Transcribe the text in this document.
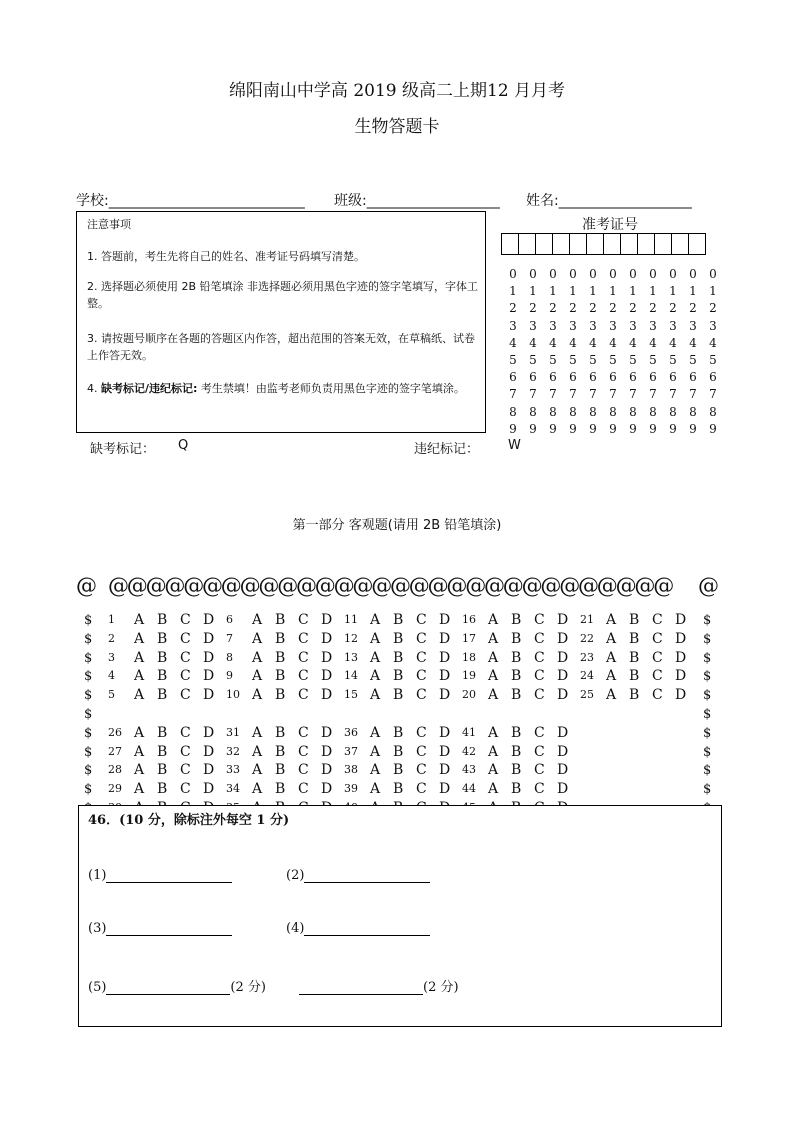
绵阳南山中学高 2019 级高二上期12 月月考
生物答题卡
学校:____________________________ 班级:___________________ 姓名:___________________
注意事项
1. 答题前，考生先将自己的姓名、准考证号码填写清楚。
2. 选择题必须使用 2B 铅笔填涂 非选择题必须用黑色字迹的签字笔填写，字体工整。
3. 请按题号顺序在各题的答题区内作答，超出范围的答案无效，在草稿纸、试卷上作答无效。
4. 缺考标记/违纪标记: 考生禁填！由监考老师负责用黑色字迹的签字笔填涂。
准考证号
0	0	0	0	0	0	0	0	0	0	0
1	1	1	1	1	1	1	1	1	1	1
2	2	2	2	2	2	2	2	2	2	2
3	3	3	3	3	3	3	3	3	3	3
4	4	4	4	4	4	4	4	4	4	4
5	5	5	5	5	5	5	5	5	5	5
6	6	6	6	6	6	6	6	6	6	6
7	7	7	7	7	7	7	7	7	7	7
8	8	8	8	8	8	8	8	8	8	8
9	9	9	9	9	9	9	9	9	9	9
缺考标记： Q	违纪标记： W
第一部分 客观题(请用 2B 铅笔填涂)
@ @@@@@@@@@@@@@@@@@@@@@@@@@@@@@@ @
$
$
$
$
$
$
$
$
$
$
$
$
$
$
$
$
$
$
$
$
1 A B C D 6 A B C D 11 A B C D 16 A B C D 21 A B C D
2 A B C D 7 A B C D 12 A B C D 17 A B C D 22 A B C D
3 A B C D 8 A B C D 13 A B C D 18 A B C D 23 A B C D
4 A B C D 9 A B C D 14 A B C D 19 A B C D 24 A B C D
5 A B C D 10 A B C D 15 A B C D 20 A B C D 25 A B C D
26 A B C D 31 A B C D 36 A B C D 41 A B C D
27 A B C D 32 A B C D 37 A B C D 42 A B C D
28 A B C D 33 A B C D 38 A B C D 43 A B C D
29 A B C D 34 A B C D 39 A B C D 44 A B C D
46．(10 分，除标注外每空 1 分)
(1)	(2)
(3)	(4)
(5)	(2 分)	(2 分)
